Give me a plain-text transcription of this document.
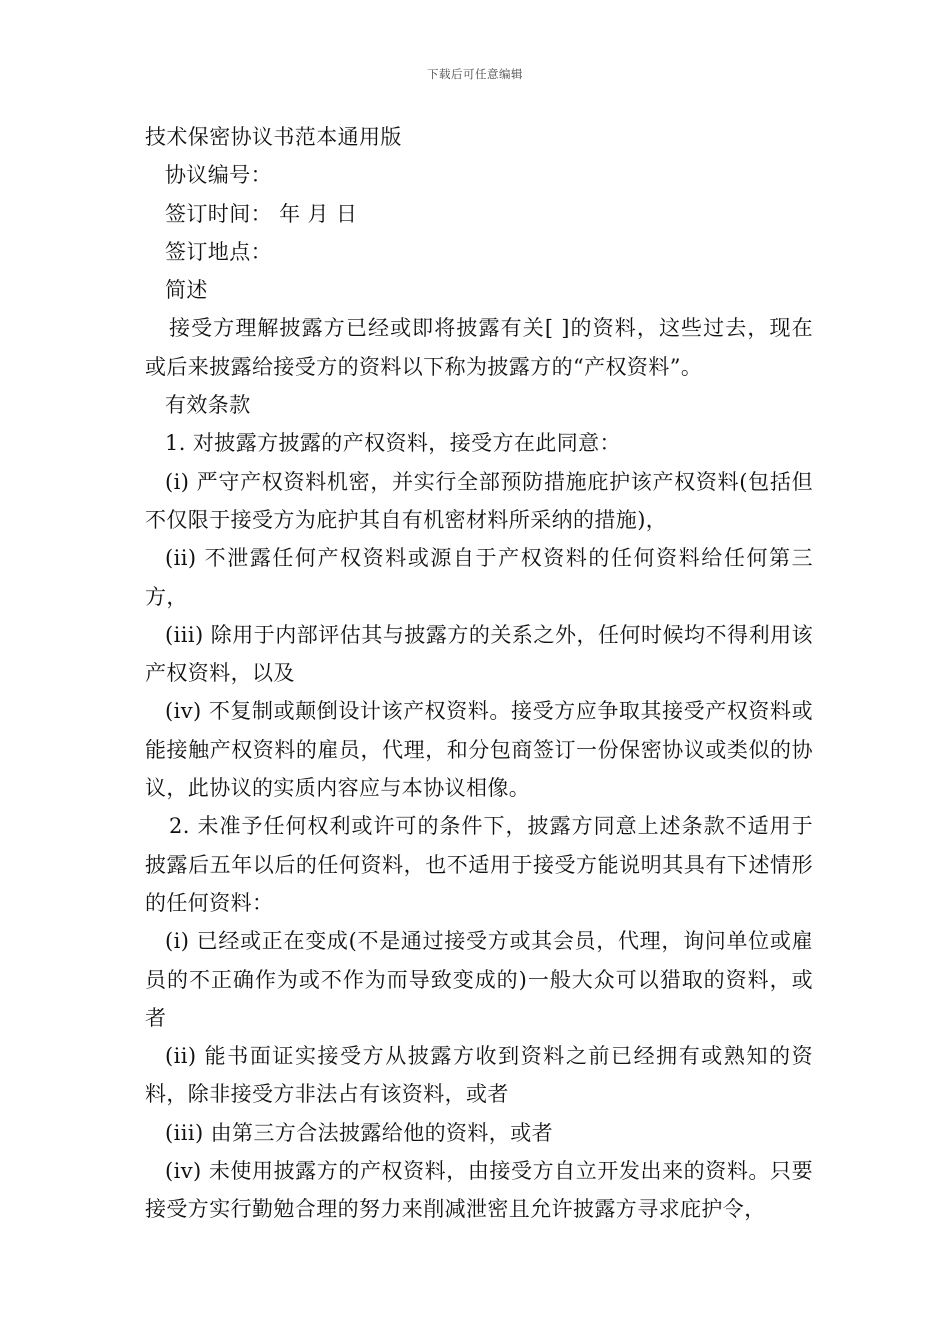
下载后可任意编辑

技术保密协议书范本通用版

协议编号：

签订时间： 年 月 日

签订地点：

简述

接受方理解披露方已经或即将披露有关[ ]的资料，这些过去，现在或后来披露给接受方的资料以下称为披露方的“产权资料”。

有效条款

1. 对披露方披露的产权资料，接受方在此同意：

(i) 严守产权资料机密，并实行全部预防措施庇护该产权资料(包括但不仅限于接受方为庇护其自有机密材料所采纳的措施)，

(ii) 不泄露任何产权资料或源自于产权资料的任何资料给任何第三方，

(iii) 除用于内部评估其与披露方的关系之外，任何时候均不得利用该产权资料，以及

(iv) 不复制或颠倒设计该产权资料。接受方应争取其接受产权资料或能接触产权资料的雇员，代理，和分包商签订一份保密协议或类似的协议，此协议的实质内容应与本协议相像。

2. 未准予任何权利或许可的条件下，披露方同意上述条款不适用于披露后五年以后的任何资料，也不适用于接受方能说明其具有下述情形的任何资料：

(i) 已经或正在变成(不是通过接受方或其会员，代理，询问单位或雇员的不正确作为或不作为而导致变成的)一般大众可以猎取的资料，或者

(ii) 能书面证实接受方从披露方收到资料之前已经拥有或熟知的资料，除非接受方非法占有该资料，或者

(iii) 由第三方合法披露给他的资料，或者

(iv) 未使用披露方的产权资料，由接受方自立开发出来的资料。只要接受方实行勤勉合理的努力来削减泄密且允许披露方寻求庇护令，
